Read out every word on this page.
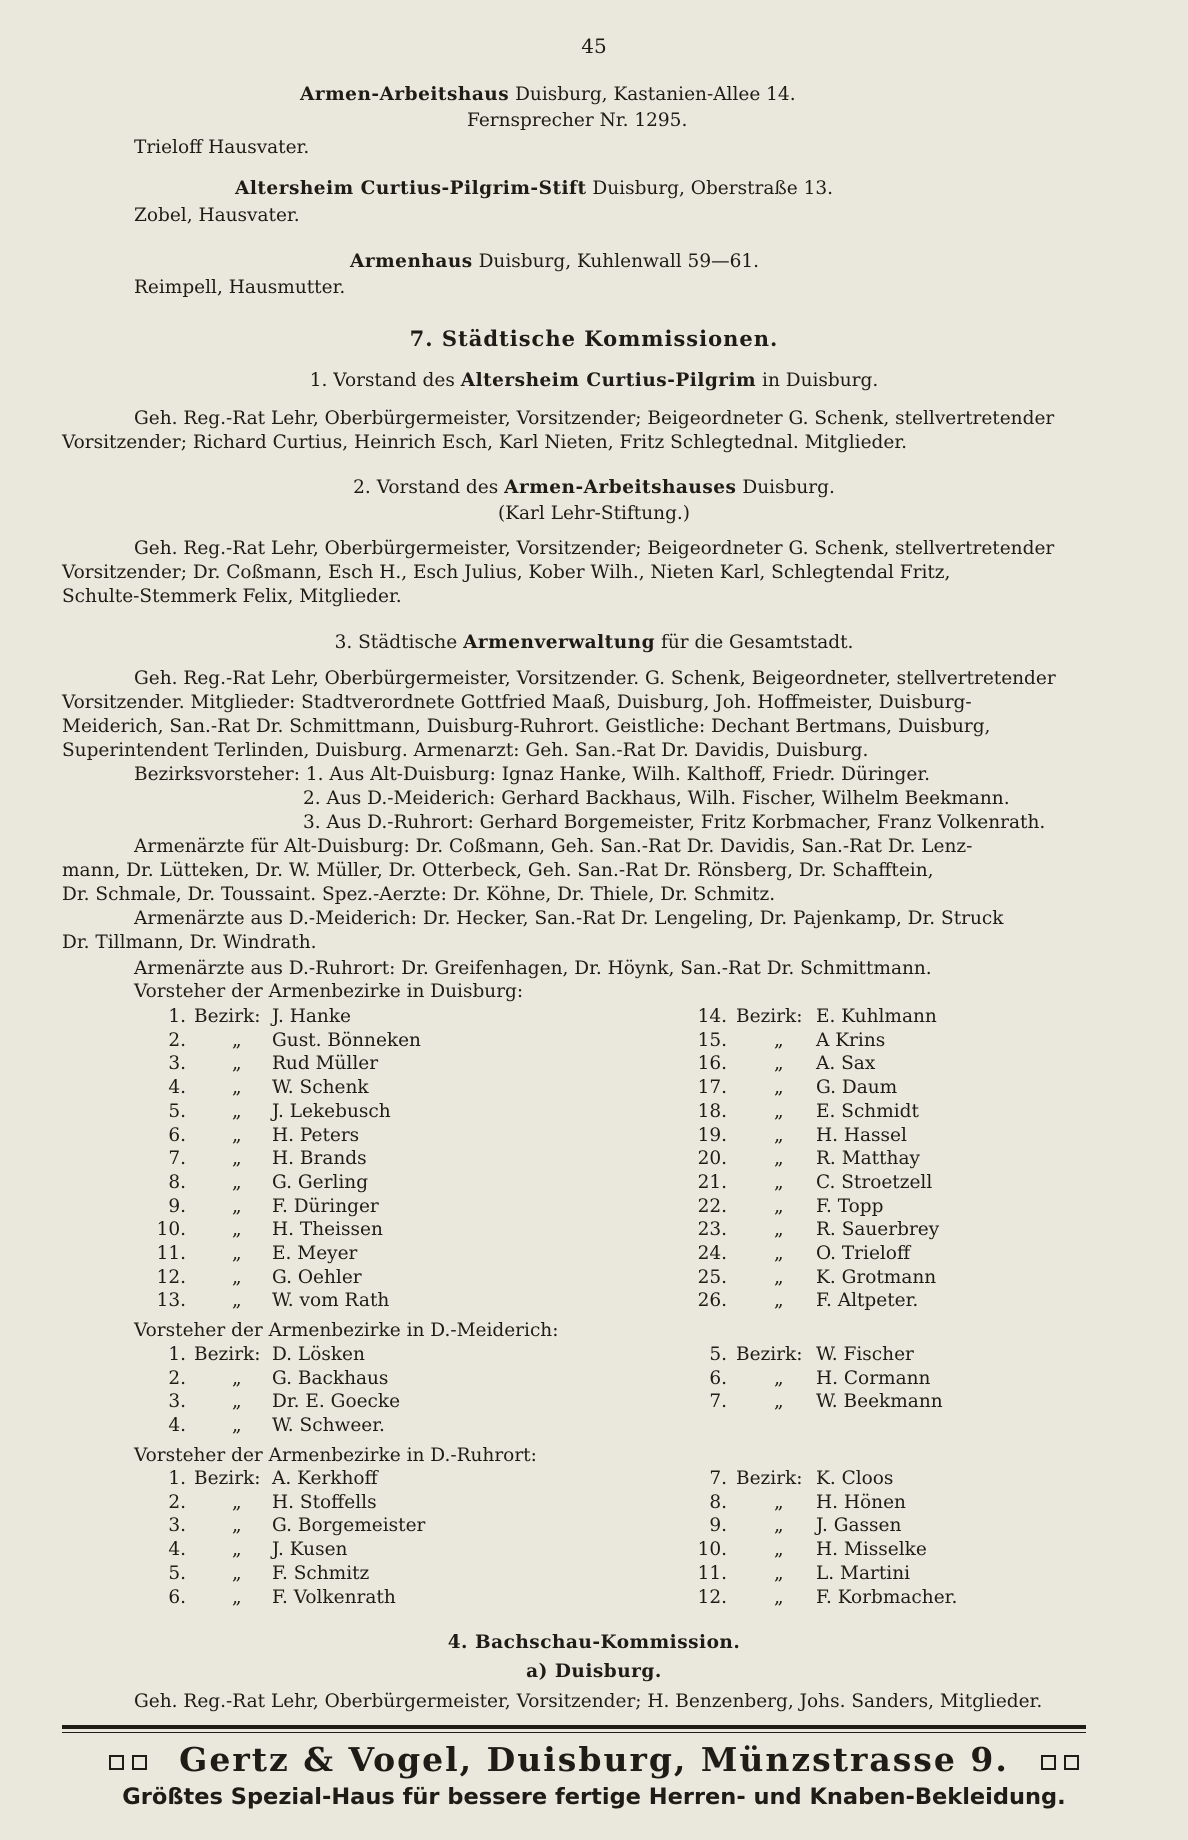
45
Armen-Arbeitshaus Duisburg, Kastanien-Allee 14.
Fernsprecher Nr. 1295.
Trieloff Hausvater.
Altersheim Curtius-Pilgrim-Stift Duisburg, Oberstraße 13.
Zobel, Hausvater.
Armenhaus Duisburg, Kuhlenwall 59—61.
Reimpell, Hausmutter.
7. Städtische Kommissionen.
1. Vorstand des Altersheim Curtius-Pilgrim in Duisburg.
Geh. Reg.-Rat Lehr, Oberbürgermeister, Vorsitzender; Beigeordneter G. Schenk, stellvertretender
Vorsitzender; Richard Curtius, Heinrich Esch, Karl Nieten, Fritz Schlegtednal. Mitglieder.
2. Vorstand des Armen-Arbeitshauses Duisburg.
(Karl Lehr-Stiftung.)
Geh. Reg.-Rat Lehr, Oberbürgermeister, Vorsitzender; Beigeordneter G. Schenk, stellvertretender
Vorsitzender; Dr. Coßmann, Esch H., Esch Julius, Kober Wilh., Nieten Karl, Schlegtendal Fritz,
Schulte-Stemmerk Felix, Mitglieder.
3. Städtische Armenverwaltung für die Gesamtstadt.
Geh. Reg.-Rat Lehr, Oberbürgermeister, Vorsitzender. G. Schenk, Beigeordneter, stellvertretender
Vorsitzender. Mitglieder: Stadtverordnete Gottfried Maaß, Duisburg, Joh. Hoffmeister, Duisburg-
Meiderich, San.-Rat Dr. Schmittmann, Duisburg-Ruhrort. Geistliche: Dechant Bertmans, Duisburg,
Superintendent Terlinden, Duisburg. Armenarzt: Geh. San.-Rat Dr. Davidis, Duisburg.
Bezirksvorsteher: 1. Aus Alt-Duisburg: Ignaz Hanke, Wilh. Kalthoff, Friedr. Düringer.
2. Aus D.-Meiderich: Gerhard Backhaus, Wilh. Fischer, Wilhelm Beekmann.
3. Aus D.-Ruhrort: Gerhard Borgemeister, Fritz Korbmacher, Franz Volkenrath.
Armenärzte für Alt-Duisburg: Dr. Coßmann, Geh. San.-Rat Dr. Davidis, San.-Rat Dr. Lenz-
mann, Dr. Lütteken, Dr. W. Müller, Dr. Otterbeck, Geh. San.-Rat Dr. Rönsberg, Dr. Schafftein,
Dr. Schmale, Dr. Toussaint. Spez.-Aerzte: Dr. Köhne, Dr. Thiele, Dr. Schmitz.
Armenärzte aus D.-Meiderich: Dr. Hecker, San.-Rat Dr. Lengeling, Dr. Pajenkamp, Dr. Struck
Dr. Tillmann, Dr. Windrath.
Armenärzte aus D.-Ruhrort: Dr. Greifenhagen, Dr. Höynk, San.-Rat Dr. Schmittmann.
Vorsteher der Armenbezirke in Duisburg:
1. Bezirk: J. Hanke
2. „ Gust. Bönneken
3. „ Rud Müller
4. „ W. Schenk
5. „ J. Lekebusch
6. „ H. Peters
7. „ H. Brands
8. „ G. Gerling
9. „ F. Düringer
10. „ H. Theissen
11. „ E. Meyer
12. „ G. Oehler
13. „ W. vom Rath
14. Bezirk: E. Kuhlmann
15.	„ A Krins
16.	„ A. Sax
17.	„ G. Daum
18.	„ E. Schmidt
19.	„ H. Hassel
20.	„ R. Matthay
21.	„ C. Stroetzell
22.	„ F. Topp
23.	„ R. Sauerbrey
24.	„ O. Trieloff
25.	„ K. Grotmann
26.	„ F. Altpeter.
Vorsteher der Armenbezirke in D.-Meiderich:
1. Bezirk: D. Lösken
2. „ G. Backhaus
3. „ Dr. E. Goecke
4. „ W. Schweer.
5. Bezirk: W. Fischer
6.	„ H. Cormann
7.	„ W. Beekmann
Vorsteher der Armenbezirke in D.-Ruhrort:
1. Bezirk: A. Kerkhoff
2. „ H. Stoffells
3. „ G. Borgemeister
4. „ J. Kusen
5. „ F. Schmitz
6. „ F. Volkenrath
7. Bezirk: K. Cloos
8.	„ H. Hönen
9.	„ J. Gassen
10.	„ H. Misselke
11.	„ L. Martini
12.	„ F. Korbmacher.
4. Bachschau-Kommission.
a) Duisburg.
Geh. Reg.-Rat Lehr, Oberbürgermeister, Vorsitzender; H. Benzenberg, Johs. Sanders, Mitglieder.
Gertz & Vogel, Duisburg, Münzstrasse 9.
Größtes Spezial-Haus für bessere fertige Herren- und Knaben-Bekleidung.
